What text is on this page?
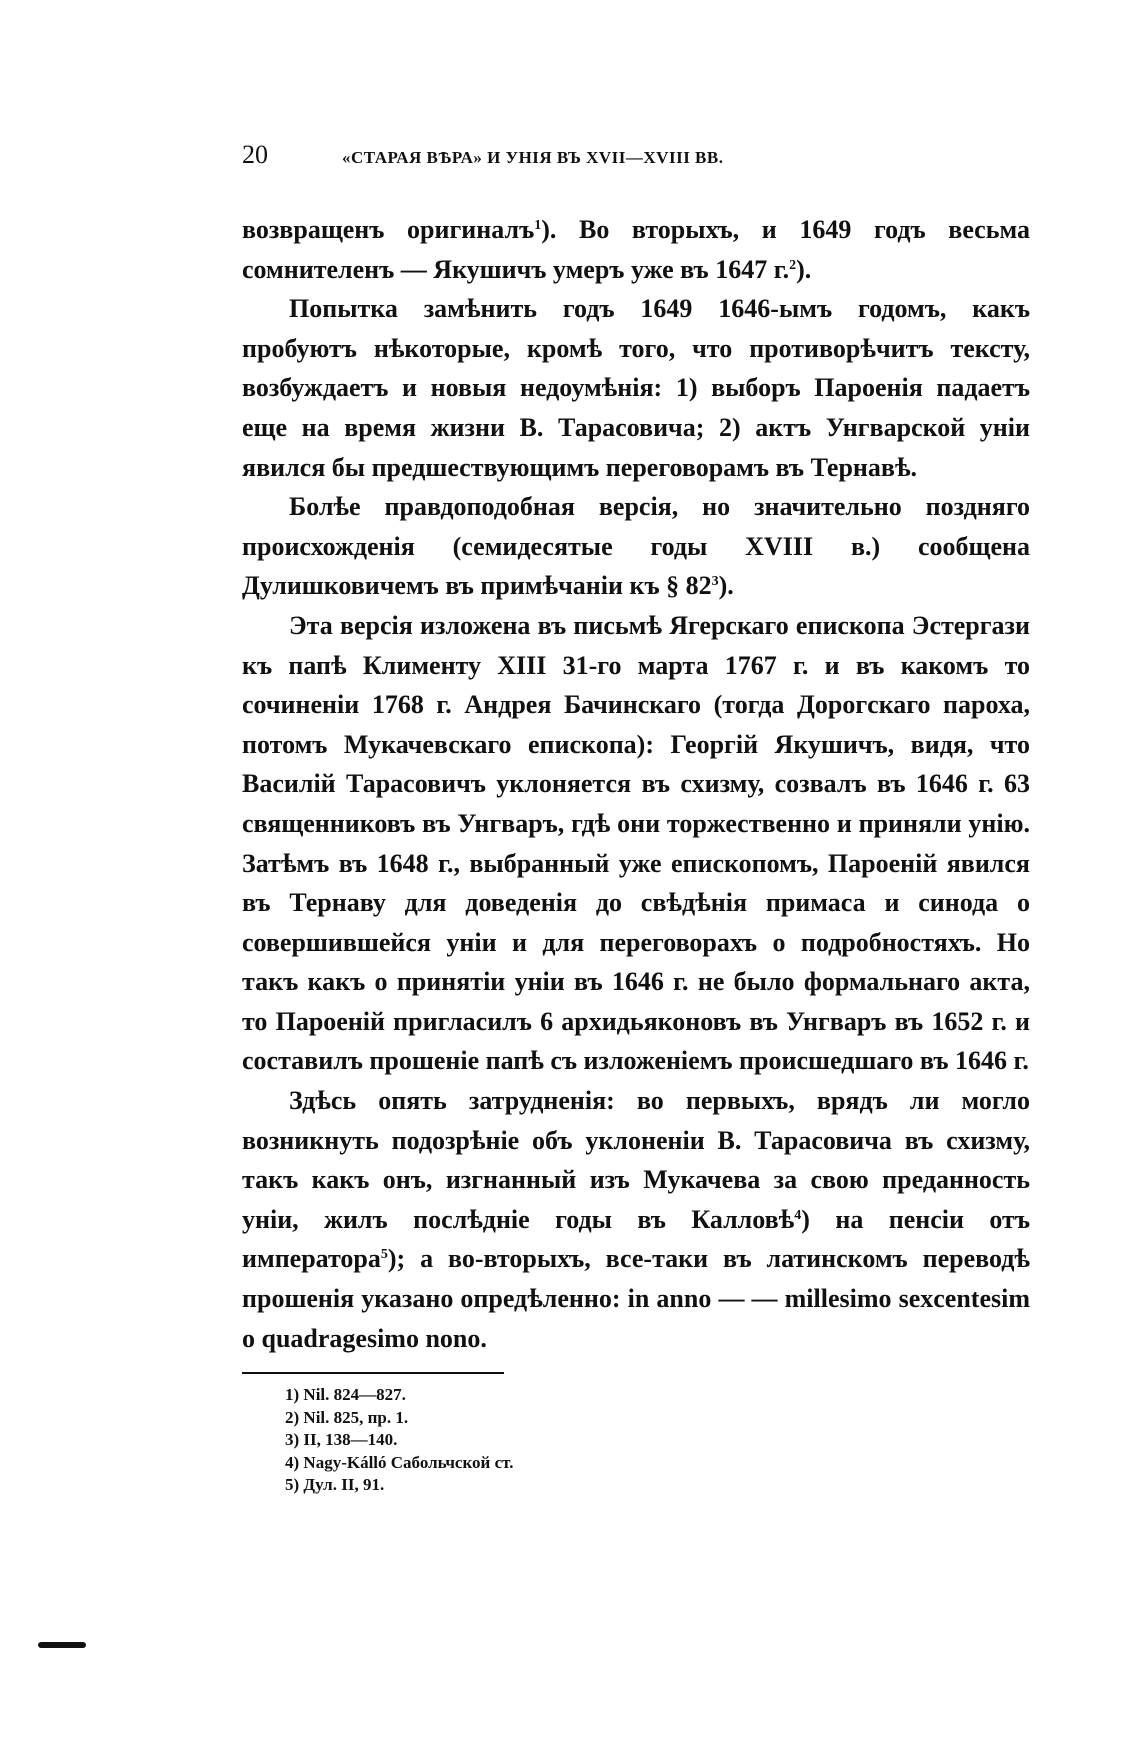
20	«СТАРАЯ ВѢРА» И УНІЯ ВЪ XVII—XVIII ВВ.

возвращенъ оригиналъ$^1$). Во вторыхъ, и 1649 годъ весьма сомнителенъ — Якушичъ умеръ уже въ 1647 г.$^2$).

Попытка замѣнить годъ 1649 1646-ымъ годомъ, какъ пробуютъ нѣкоторые, кромѣ того, что противорѣчитъ тексту, возбуждаетъ и новыя недоумѣнія: 1) выборъ Пароенія падаетъ еще на время жизни В. Тарасовича; 2) актъ Унгварской уніи явился бы предшествующимъ переговорамъ въ Тернавѣ.

Болѣе правдоподобная версія, но значительно поздняго происхожденія (семидесятые годы XVIII в.) сообщена Дулишковичемъ въ примѣчаніи къ § $82^3$).

Эта версія изложена въ письмѣ Ягерскаго епископа Эстергази къ папѣ Клименту XIII 31-го марта 1767 г. и въ какомъ то сочиненіи 1768 г. Андрея Бачинскаго (тогда Дорогскаго пароха, потомъ Мукачевскаго епископа): Георгій Якушичъ, видя, что Василій Тарасовичъ уклоняется въ схизму, созвалъ въ 1646 г. 63 священниковъ въ Унгваръ, гдѣ они торжественно и приняли унію. Затѣмъ въ 1648 г., выбранный уже епископомъ, Пароеній явился въ Тернаву для доведенія до свѣдѣнія примаса и синода о совершившейся уніи и для переговорахъ о подробностяхъ. Но такъ какъ о принятіи уніи въ 1646 г. не было формальнаго акта, то Пароеній пригласилъ 6 архидьяконовъ въ Унгваръ въ 1652 г. и составилъ прошеніе папѣ съ изложеніемъ происшедшаго въ 1646 г.

Здѣсь опять затрудненія: во первыхъ, врядъ ли могло возникнуть подозрѣніе объ уклоненіи В. Тарасовича въ схизму, такъ какъ онъ, изгнанный изъ Мукачева за свою преданность уніи, жилъ послѣдніе годы въ Калловѣ$^4$) на пенсіи отъ императора$^5$); а во-вторыхъ, все-таки въ латинскомъ переводѣ прошенія указано опредѣленно: in anno — — millesimo sexcentesim o quadragesimo nono.

1) Nil. 824—827.
2) Nil. 825, пр. 1.
3) II, 138—140.
4) Nagy-Kálló Сабольчской ст.
5) Дул. II, 91.
